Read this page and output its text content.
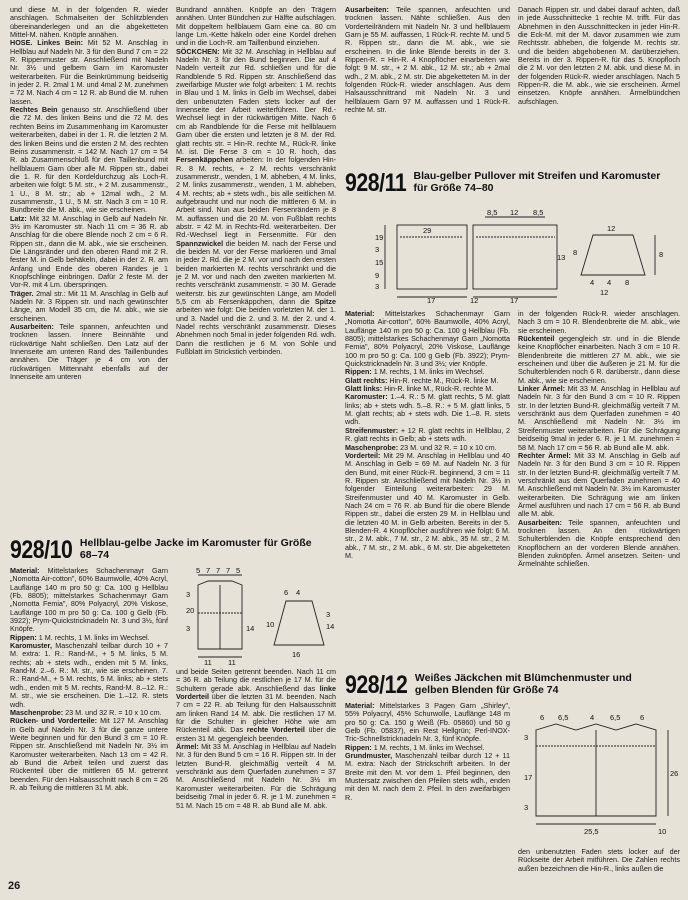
und diese M. in der folgenden R. wieder anschlagen. Schmalseiten der Schlitzblenden übereinanderlegen und an die abgeketteten Mittel-M. nähen. Knöpfe annähen.

HOSE. Linkes Bein: Mit 52 M. Anschlag in Hellblau auf Nadeln Nr. 3 für den Bund 7 cm = 22 R. Rippenmuster str. Anschließend mit Nadeln Nr. 3½ und gelbem Garn im Karomuster weiterarbeiten. Für die Beinkrümmung beidseitig in jeder 2. R. 2mal 1 M. und 4mal 2 M. zunehmen = 72 M. Nach 4 cm = 12 R. ab Bund die M. ruhen lassen.

Rechtes Bein genauso str. Anschließend über die 72 M. des linken Beins und die 72 M. des rechten Beins im Zusammenhang im Karomuster weiterarbeiten, dabei in der 1. R. die letzten 2 M. des linken Beins und die ersten 2 M. des rechten Beins zusammenstr. = 142 M. Nach 17 cm = 54 R. ab Zusammenschluß für den Taillenbund mit hellblauem Garn über alle M. Rippen str., dabei die 1. R. für den Kordeldurchzug als Loch-R. arbeiten wie folgt: 5 M. str., + 2 M. zusammenstr., 1 U., 8 M. str.; ab + 12mal wdh., 2 M. zusammenstr., 1 U., 5 M. str. Nach 3 cm = 10 R. Bundbreite die M. abk., wie sie erscheinen.

Latz: Mit 32 M. Anschlag in Gelb auf Nadeln Nr. 3½ im Karomuster str. Nach 11 cm = 36 R. ab Anschlag für die obere Blende noch 2 cm = 6 R. Rippen str., dann die M. abk., wie sie erscheinen. Die Längsränder und den oberen Rand mit 2 R. fester M. in Gelb behäkeln, dabei in der 2. R. am Anfang und Ende des oberen Randes je 1 Knopfschlinge einbringen. Dafür 2 feste M. der Vor-R. mit 4 Lm. übersprinqen.

Träger. 2mal str.: Mit 11 M. Anschlag in Gelb auf Nadeln Nr. 3 Rippen str. und nach gewünschter Länge, am Modell 35 cm, die M. abk., wie sie erscheinen.

Ausarbeiten: Teile spannen, anfeuchten und trocknen lassen. Innere Beinnähte und rückwärtige Naht schließen. Den Latz auf der Innenseite am unteren Rand des Taillenbundes annähen. Die Träger je 4 cm von der rückwärtigen Mittennaht ebenfalls auf der Innenseite am unteren

Bundrand annähen. Knöpfe an den Trägern annähen. Unter Bündchen zur Hälfte aufschlagen. Mit doppeltem hellblauem Garn eine ca. 80 cm lange Lm.-Kette häkeln oder eine Kordel drehen und in die Loch-R. am Taillenbund einziehen.

SÖCKCHEN: Mit 32 M. Anschlag in Hellblau auf Nadeln Nr. 3 für den Bund beginnen. Die auf 4 Nadeln verteilt zur Rd. schließen und für die Randblende 5 Rd. Rippen str. Anschließend das zweifarbige Muster wie folgt arbeiten: 1 M. rechts in Blau und 1 M. links in Gelb im Wechsel, dabei den unbenutzten Faden stets locker auf der Innenseite der Arbeit weiterführen. Der Rd.-Wechsel liegt in der rückwärtigen Mitte. Nach 6 cm ab Randblende für die Ferse mit hellblauem Garn über die ersten und letzten je 8 M. der Rd. glatt rechts str. = Hin-R. rechte M., Rück-R. linke M. ist. Die Ferse 3 cm = 10 R. hoch, das Fersenkäppchen arbeiten: In der folgenden Hin-R. 8 M. rechts, + 2 M. rechts verschränkt zusammenstr., wenden, 1 M. abheben, 4 M. links, 2 M. links zusammenstr., wenden, 1 M. abheben, 4 M. rechts; ab + stets wdh., bis alle seitlichen M. aufgebraucht und nur noch die mittleren 6 M. in Arbeit sind. Nun aus beiden Fersenrändern je 8 M. auffassen und die 20 M. von Fußblatt rechts abstr. = 42 M. in Rechts-Rd. weiterarbeiten. Der Rd.-Wechsel liegt in Fersenmitte. Für den Spannzwickel die beiden M. nach der Ferse und die beiden M. vor der Ferse markieren und 3mal in jeder 2. Rd. die je 2 M. vor und nach den ersten beiden markierten M. rechts verschränkt und die je 2 M. vor und nach den zweiten markierten M. rechts verschränkt zusammenstr. = 30 M. Gerade weiterstr. bis zur gewünschten Länge, am Modell 5,5 cm ab Fersenkäppchen, dann die Spitze arbeiten wie folgt: Die beiden vorletzten M. der 1. und 3. Nadel und die 2. und 3. M. der 2. und 4. Nadel rechts verschränkt zusammenstr. Dieses Abnehmen noch 5mal in jeder folgenden Rd. wdh. Dann die restlichen je 6 M. von Sohle und Fußblatt im Strickstich verbinden.

Ausarbeiten: Teile spannen, anfeuchten und trocknen lassen. Nähte schließen. Aus den Vorderteilrändern mit Nadeln Nr. 3 und hellblauem Garn je 55 M. auffassen, 1 Rück-R. rechte M. und 5 R. Rippen str., dann die M. abk., wie sie erscheinen. In die linke Blende bereits in der 3. Rippen-R. = Hin-R. 4 Knopflöcher einarbeiten wie folgt: 9 M. str., + 2 M. abk., 12 M. str.; ab + 2mal wdh., 2 M. abk., 2 M. str. Die abgeketteten M. in der folgenden Rück-R. wieder anschlagen. Aus dem Halsausschnittrand mit Nadeln Nr. 3 und hellblauem Garn 97 M. auffassen und 1 Rück-R. rechte M. str.

Danach Rippen str. und dabei darauf achten, daß in jede Ausschnittecke 1 rechte M. trifft. Für das Abnehmen in den Ausschnittecken in jeder Hin-R. die Eck-M. mit der M. davor zusammen wie zum Rechtsstr. abheben, die folgende M. rechts str. und die beiden abgehobenen M. darüberziehen. Bereits in der 3. Rippen-R. für das 5. Knopfloch die 2 M. vor den letzten 2 M. abk. und diese M. in der folgenden Rück-R. wieder anschlagen. Nach 5 Rippen-R. die M. abk., wie sie erscheinen. Ärmel einsetzen. Knöpfe annähen. Ärmelbündchen aufschlagen.

928/11 Blau-gelber Pullover mit Streifen und Karomuster für Größe 74–80
29
8,5 12 8,5
17	12	17
19
3
15
9
3
13
12
8
4 4 8
12
8

Material: Mittelstarkes Schachenmayr Garn „Nomotta Air-cotton", 60% Baumwolle, 40% Acryl, Lauflänge 140 m pro 50 g: Ca. 100 g Hellblau (Fb. 8805); mittelstarkes Schachenmayr Garn „Nomotta Femia", 80% Polyacryl, 20% Viskose, Lauflänge 100 m pro 50 g: Ca. 100 g Gelb (Fb. 3922); Prym-Quickstricknadeln Nr. 3 und 3½; vier Knöpfe.

Rippen: 1 M. rechts, 1 M. links im Wechsel.

Glatt rechts: Hin-R. rechte M., Rück-R. linke M.

Glatt links: Hin-R. linke M., Rück-R. rechte M.

Karomuster: 1.–4. R.: 5 M. glatt rechts, 5 M. glatt links; ab + stets wdh. 5.–8. R.: + 5 M. glatt links, 5 M. glatt rechts; ab + stets wdh. Die 1.–8. R. stets wdh.

Streifenmuster: + 12 R. glatt rechts in Hellblau, 2 R. glatt rechts in Gelb; ab + stets wdh.

Maschenprobe: 23 M. und 32 R. = 10 x 10 cm.

Vorderteil: Mit 29 M. Anschlag in Hellblau und 40 M. Anschlag in Gelb = 69 M. auf Nadeln Nr. 3 für den Bund, mit einer Rück-R. beginnend, 3 cm = 11 R. Rippen str. Anschließend mit Nadeln Nr. 3½ in folgender Einteilung weiterarbeiten: 29 M. Streifenmuster und 40 M. Karomuster in Gelb. Nach 24 cm = 76 R. ab Bund für die obere Blende Rippen str., dabei die ersten 29 M. in Hellblau und die letzten 40 M. in Gelb arbeiten. Bereits in der 5. Blenden-R. 4 Knopflöcher ausführen wie folgt: 6 M. str., 2 M. abk., 7 M. str., 2 M. abk., 35 M. str., 2 M. abk., 7 M. str., 2 M. abk., 6 M. str. Die abgeketteten M.

in der folgenden Rück-R. wieder anschlagen. Nach 3 cm = 10 R. Blendenbreite die M. abk., wie sie erscheinen.

Rückenteil gegengleich str. und in die Blende keine Knopflöcher einarbeiten. Nach 3 cm = 10 R. Blendenbreite die mittleren 27 M. abk., wie sie erscheinen und über die äußeren je 21 M. für die Schulterblenden noch 6 R. darüberstr., dann diese M. abk., wie sie erscheinen.

Linker Ärmel: Mit 33 M. Anschlag in Hellblau auf Nadeln Nr. 3 für den Bund 3 cm = 10 R. Rippen str. In der letzten Bund-R. gleichmäßig verteilt 7 M. verschränkt aus dem Querfaden zunehmen = 40 M. Anschließend mit Nadeln Nr. 3½ im Streifenmuster weiterarbeiten. Für die Schrägung beidseitig 9mal in jeder 6. R. je 1 M. zunehmen = 58 M. Nach 17 cm = 56 R. ab Bund alle M. abk.

Rechter Ärmel: Mit 33 M. Anschlag in Gelb auf Nadeln Nr. 3 für den Bund 3 cm = 10 R. Rippen str. In der letzten Bund-R. gleichmäßig verteilt 7 M. verschränkt aus dem Querfaden zunehmen = 40 M. Anschließend mit Nadeln Nr. 3½ im Karomuster weiterarbeiten. Die Schrägung wie am linken Ärmel ausführen und nach 17 cm = 56 R. ab Bund alle M. abk.

Ausarbeiten: Teile spannen, anfeuchten und trocknen lassen. An den rückwärtigen Schulterblenden die Knöpfe entsprechend den Knopflöchern an der vorderen Blende annähen. Blenden zuknöpfen. Ärmel ansetzen. Seiten- und Ärmelnähte schließen.

928/10 Hellblau-gelbe Jacke im Karomuster für Größe 68–74

Material: Mittelstarkes Schachenmayr Garn „Nomotta Air-cotton", 60% Baumwolle, 40% Acryl, Lauflänge 140 m pro 50 g: Ca. 100 g Hellblau (Fb. 8805); mittelstarkes Schachenmayr Garn „Nomotta Femia", 80% Polyacryl, 20% Viskose, Lauflänge 100 m pro 50 g: Ca. 100 g Gelb (Fb. 3922); Prym-Quickstricknadeln Nr. 3 und 3½, fünf Knöpfe.

Rippen: 1 M. rechts, 1 M. links im Wechsel.

Karomuster, Maschenzahl teilbar durch 10 + 7 M. extra: 1. R.: Rand-M., + 5 M. links, 5 M. rechts; ab + stets wdh., enden mit 5 M. links, Rand-M. 2.–6. R.: M. str., wie sie erscheinen. 7. R.: Rand-M., + 5 M. rechts, 5 M. links; ab + stets wdh., enden mit 5 M. rechts, Rand-M. 8.–12. R.: M. str., wie sie erscheinen. Die 1.–12. R. stets wdh.

Maschenprobe: 23 M. und 32 R. = 10 x 10 cm.

Rücken- und Vorderteile: Mit 127 M. Anschlag in Gelb auf Nadeln Nr. 3 für die ganze untere Weite beginnen und für den Bund 3 cm = 10 R. Rippen str. Anschließend mit Nadeln Nr. 3½ im Karomuster weiterarbeiten. Nach 13 cm = 42 R. ab Bund die Arbeit teilen und zuerst das Rückenteil über die mittleren 65 M. getrennt beenden. Für den Halsausschnitt nach 8 cm = 26 R. ab Teilung die mittleren 31 M. abk.

5 7 7 7 5
3
20
3	14
11 11
6 4
16
3
14
10

und beide Seiten getrennt beenden. Nach 11 cm = 36 R. ab Teilung die restlichen je 17 M. für die Schultern gerade abk. Anschließend das linke Vorderteil über die letzten 31 M. beenden. Nach 7 cm = 22 R. ab Teilung für den Halsausschnitt am linken Rand 14 M. abk. Die restlichen 17 M. für die Schulter in gleicher Höhe wie am Rückenteil abk. Das rechte Vorderteil über die ersten 31 M. gegengleich beenden.

Ärmel: Mit 33 M. Anschlag in Hellblau auf Nadeln Nr. 3 für den Bund 5 cm = 16 R. Rippen str. In der letzten Bund-R. gleichmäßig verteilt 4 M. verschränkt aus dem Querfaden zunehmen = 37 M. Anschließend mit Nadeln Nr. 3½ im Karomuster weiterarbeiten. Für die Schrägung beidseitig 7mal in jeder 6. R. je 1 M. zunehmen = 51 M. Nach 15 cm = 48 R. ab Bund alle M. abk.

928/12 Weißes Jäckchen mit Blümchenmuster und gelben Blenden für Größe 74

Material: Mittelstarkes 3 Pagen Garn „Shirley", 55% Polyacryl, 45% Schurwolle, Lauflänge 148 m pro 50 g: Ca. 150 g Weiß (Fb. 05860) und 50 g Gelb (Fb. 05837), ein Rest Hellgrün; Perl-INOX-Tric-Schnellstricknadeln Nr. 3, fünf Knöpfe.

Rippen: 1 M. rechts, 1 M. links im Wechsel.

Grundmuster, Maschenzahl teilbar durch 12 + 11 M. extra: Nach der Strickschrift arbeiten. In der Breite mit den M. vor dem 1. Pfeil beginnen, den Mustersatz zwischen den Pfeilen stets wdh., enden mit den M. nach dem 2. Pfeil. In den zweifarbigen R.

6 6,5	4 6,5	6
3
17
3
26
25,5	10

den unbenutzten Faden stets locker auf der Rückseite der Arbeit mitführen. Die Zahlen rechts außen bezeichnen die Hin-R., links außen die

26
